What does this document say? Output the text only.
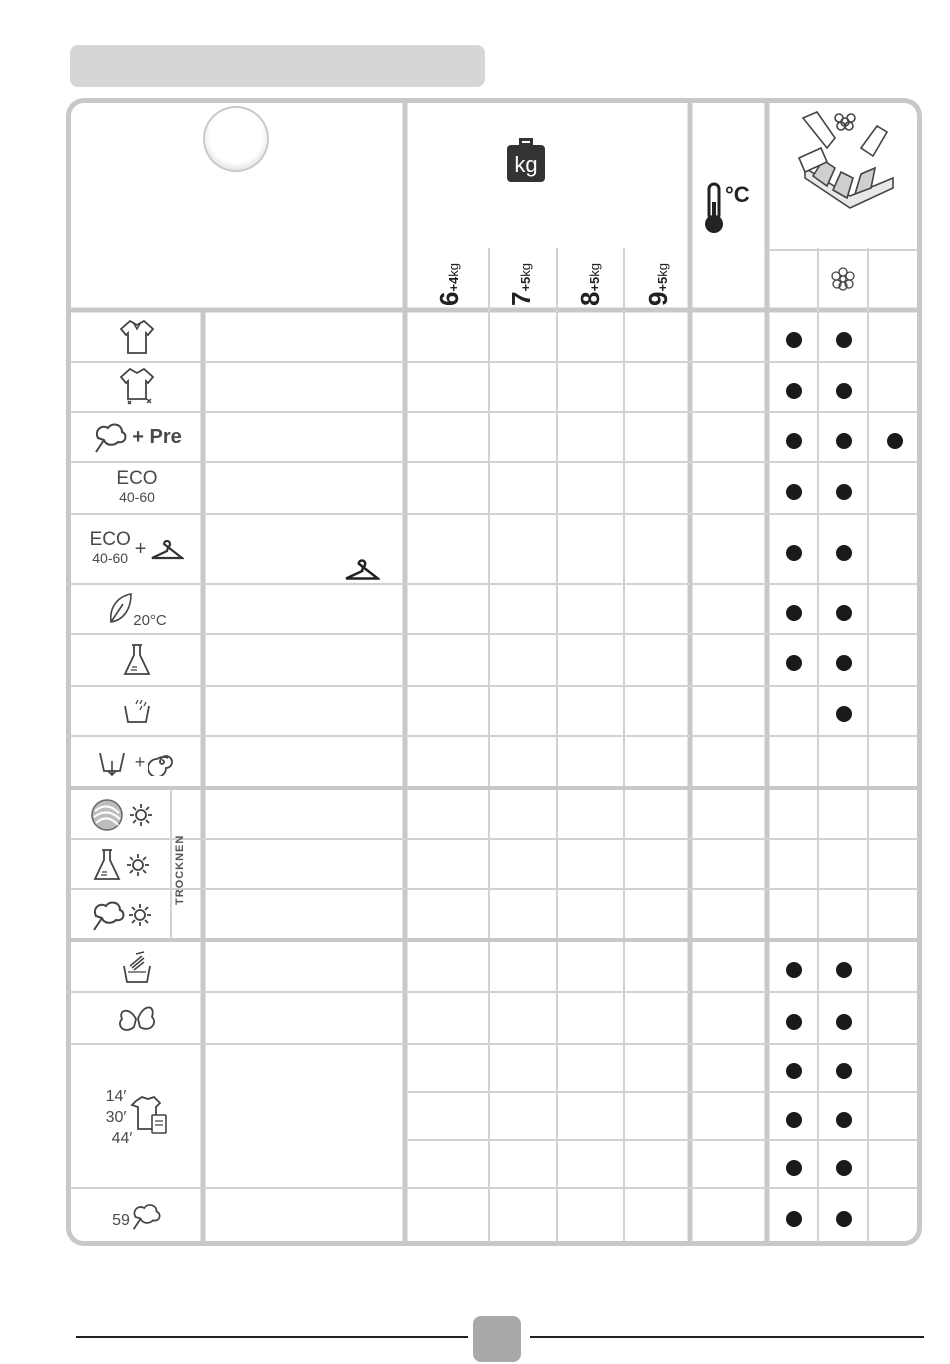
kg
°C
6+4kg
7+5kg
8+5kg
9+5kg
+ Pre
ECO
40-60
ECO
40-60 +
20°C
+
TROCKNEN
14′
30′
44′
59
